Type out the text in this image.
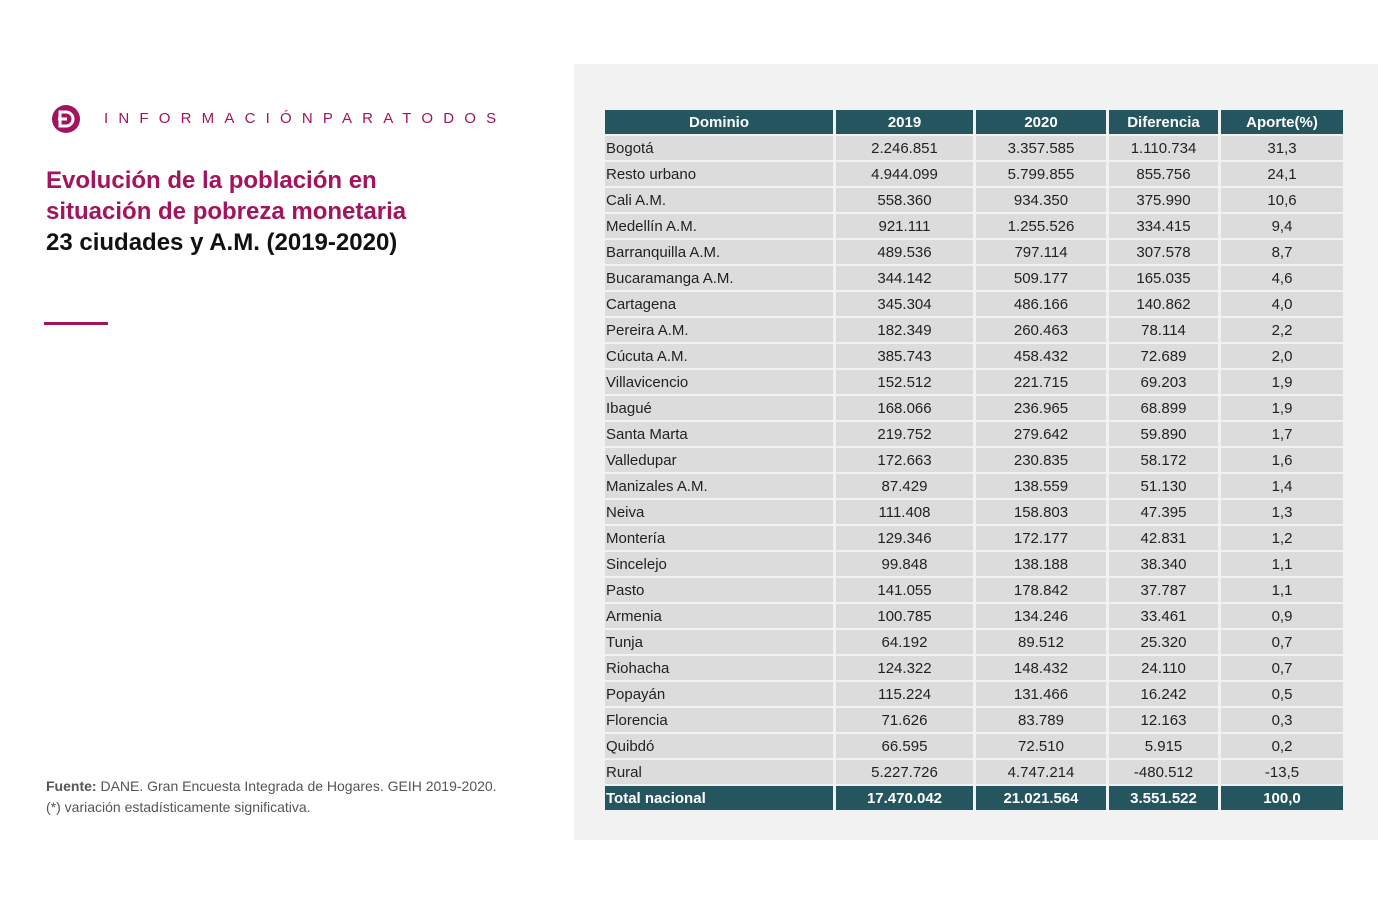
INFORMACIÓNPARATODOS
Evolución de la población en
situación de pobreza monetaria
23 ciudades y A.M. (2019-2020)
Fuente: DANE. Gran Encuesta Integrada de Hogares. GEIH 2019-2020.
(*) variación estadísticamente significativa.
Dominio	2019	2020	Diferencia	Aporte(%)
Bogotá	2.246.851	3.357.585	1.110.734	31,3
Resto urbano	4.944.099	5.799.855	855.756	24,1
Cali A.M.	558.360	934.350	375.990	10,6
Medellín A.M.	921.111	1.255.526	334.415	9,4
Barranquilla A.M.	489.536	797.114	307.578	8,7
Bucaramanga A.M.	344.142	509.177	165.035	4,6
Cartagena	345.304	486.166	140.862	4,0
Pereira A.M.	182.349	260.463	78.114	2,2
Cúcuta A.M.	385.743	458.432	72.689	2,0
Villavicencio	152.512	221.715	69.203	1,9
Ibagué	168.066	236.965	68.899	1,9
Santa Marta	219.752	279.642	59.890	1,7
Valledupar	172.663	230.835	58.172	1,6
Manizales A.M.	87.429	138.559	51.130	1,4
Neiva	111.408	158.803	47.395	1,3
Montería	129.346	172.177	42.831	1,2
Sincelejo	99.848	138.188	38.340	1,1
Pasto	141.055	178.842	37.787	1,1
Armenia	100.785	134.246	33.461	0,9
Tunja	64.192	89.512	25.320	0,7
Riohacha	124.322	148.432	24.110	0,7
Popayán	115.224	131.466	16.242	0,5
Florencia	71.626	83.789	12.163	0,3
Quibdó	66.595	72.510	5.915	0,2
Rural	5.227.726	4.747.214	-480.512	-13,5
Total nacional	17.470.042	21.021.564	3.551.522	100,0
